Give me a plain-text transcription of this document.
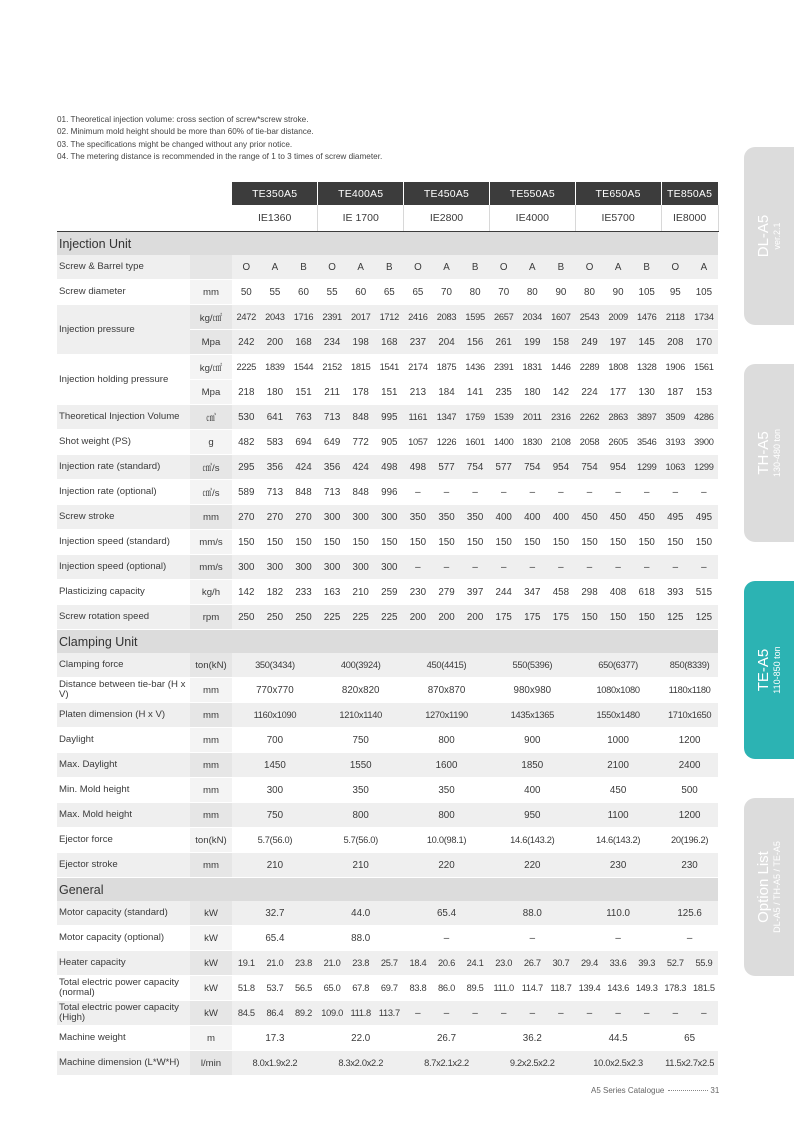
01. Theoretical injection volume: cross section of screw*screw stroke.
02. Minimum mold height should be more than 60% of tie-bar distance.
03. The specifications might be changed without any prior notice.
04. The metering distance is recommended in the range of 1 to 3 times of screw diameter.
		TE350A5			TE400A5			TE450A5			TE550A5			TE650A5			TE850A5	
		IE1360			IE 1700			IE2800			IE4000			IE5700			IE8000	
Injection Unit																		
Screw & Barrel type		O	A	B	O	A	B	O	A	B	O	A	B	O	A	B	O	A
Screw diameter	mm	50	55	60	55	60	65	65	70	80	70	80	90	80	90	105	95	105
Injection pressure	kg/㎠	2472	2043	1716	2391	2017	1712	2416	2083	1595	2657	2034	1607	2543	2009	1476	2118	1734
	Mpa	242	200	168	234	198	168	237	204	156	261	199	158	249	197	145	208	170
Injection holding pressure	kg/㎠	2225	1839	1544	2152	1815	1541	2174	1875	1436	2391	1831	1446	2289	1808	1328	1906	1561
	Mpa	218	180	151	211	178	151	213	184	141	235	180	142	224	177	130	187	153
Theoretical Injection Volume	㎤	530	641	763	713	848	995	1161	1347	1759	1539	2011	2316	2262	2863	3897	3509	4286
Shot weight (PS)	g	482	583	694	649	772	905	1057	1226	1601	1400	1830	2108	2058	2605	3546	3193	3900
Injection rate (standard)	㎤/s	295	356	424	356	424	498	498	577	754	577	754	954	754	954	1299	1063	1299
Injection rate (optional)	㎤/s	589	713	848	713	848	996	–	–	–	–	–	–	–	–	–	–	–
Screw stroke	mm	270	270	270	300	300	300	350	350	350	400	400	400	450	450	450	495	495
Injection speed (standard)	mm/s	150	150	150	150	150	150	150	150	150	150	150	150	150	150	150	150	150
Injection speed (optional)	mm/s	300	300	300	300	300	300	–	–	–	–	–	–	–	–	–	–	–
Plasticizing capacity	kg/h	142	182	233	163	210	259	230	279	397	244	347	458	298	408	618	393	515
Screw rotation speed	rpm	250	250	250	225	225	225	200	200	200	175	175	175	150	150	150	125	125
Clamping Unit																		
Clamping force	ton(kN)	350(3434)			400(3924)			450(4415)			550(5396)			650(6377)			850(8339)	
Distance between tie-bar (H x V)	mm	770x770			820x820			870x870			980x980			1080x1080			1180x1180	
Platen dimension (H x V)	mm	1160x1090			1210x1140			1270x1190			1435x1365			1550x1480			1710x1650	
Daylight	mm	700			750			800			900			1000			1200	
Max. Daylight	mm	1450			1550			1600			1850			2100			2400	
Min. Mold height	mm	300			350			350			400			450			500	
Max. Mold height	mm	750			800			800			950			1100			1200	
Ejector force	ton(kN)	5.7(56.0)			5.7(56.0)			10.0(98.1)			14.6(143.2)			14.6(143.2)			20(196.2)	
Ejector stroke	mm	210			210			220			220			230			230	
General																		
Motor capacity (standard)	kW	32.7			44.0			65.4			88.0			110.0			125.6	
Motor capacity (optional)	kW	65.4			88.0			–			–			–			–	
Heater capacity	kW	19.1	21.0	23.8	21.0	23.8	25.7	18.4	20.6	24.1	23.0	26.7	30.7	29.4	33.6	39.3	52.7	55.9
Total electric power capacity (normal)	kW	51.8	53.7	56.5	65.0	67.8	69.7	83.8	86.0	89.5	111.0	114.7	118.7	139.4	143.6	149.3	178.3	181.5
Total electric power capacity (High)	kW	84.5	86.4	89.2	109.0	111.8	113.7	–	–	–	–	–	–	–	–	–	–	–
Machine weight	m	17.3			22.0			26.7			36.2			44.5			65	
Machine dimension (L*W*H)	l/min	8.0x1.9x2.2			8.3x2.0x2.2			8.7x2.1x2.2			9.2x2.5x2.2			10.0x2.5x2.3			11.5x2.7x2.5	
DL-A5 ver.2.1
TH-A5 130-480 ton
TE-A5 110-850 ton
Option List DL-A5 / TH-A5 / TE-A5
A5 Series Catalogue	31
